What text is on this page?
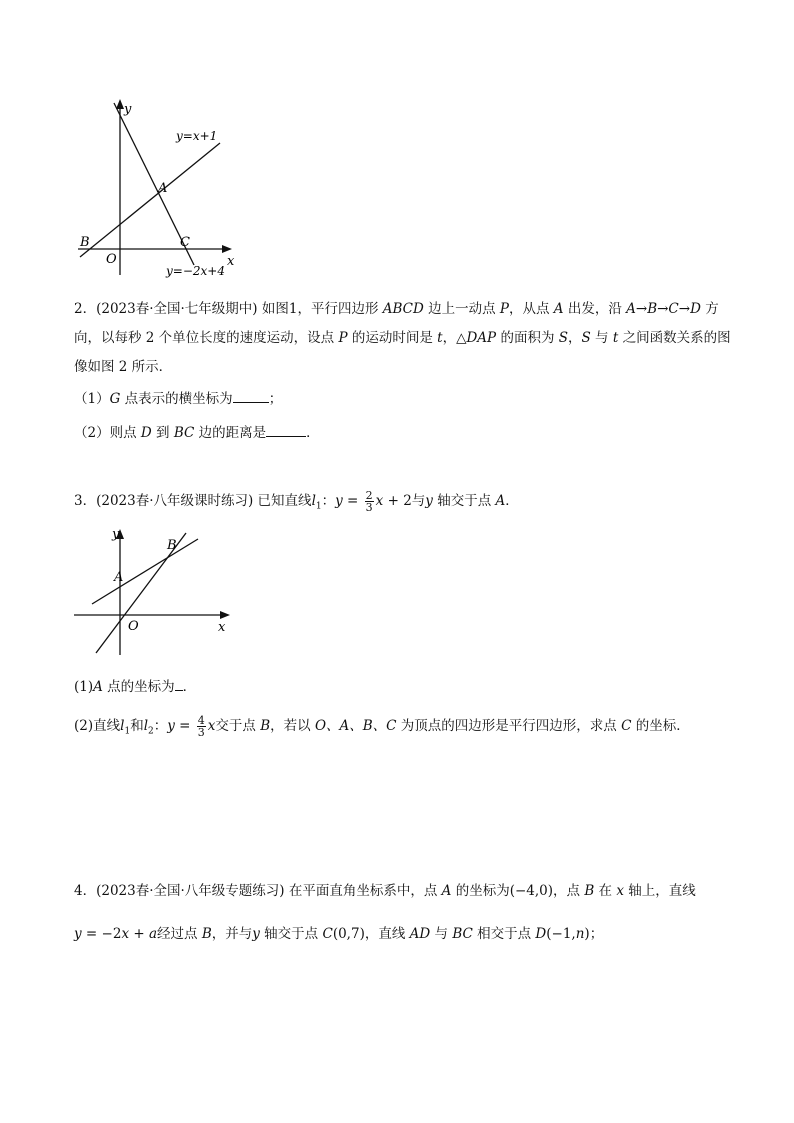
y
y=x+1
A
B	C
O	x
y=−2x+4
2．(2023春·全国·七年级期中) 如图1，平行四边形 ABCD 边上一动点 P，从点 A 出发，沿 A→B→C→D 方
向，以每秒 2 个单位长度的速度运动，设点 P 的运动时间是 t，△DAP 的面积为 S，S 与 t 之间函数关系的图
像如图 2 所示．
（1）G 点表示的横坐标为	；
（2）则点 D 到 BC 边的距离是	．
3．(2023春·八年级课时练习) 已知直线$l_1$：$y = \frac{2}{3}$ x + 2与y 轴交于点 A．
y
B
A
O	x
(1)A 点的坐标为 ．
(2)直线$l_1$和$l_2$：$y = \frac{4}{3}$ x交于点 B，若以 O、A、B、C 为顶点的四边形是平行四边形，求点 C 的坐标．
4．(2023春·全国·八年级专题练习) 在平面直角坐标系中，点 A 的坐标为(−4,0)，点 B 在 x 轴上，直线
y = −2x + a经过点 B，并与y 轴交于点 C(0,7)，直线 AD 与 BC 相交于点 D(−1,n)；
